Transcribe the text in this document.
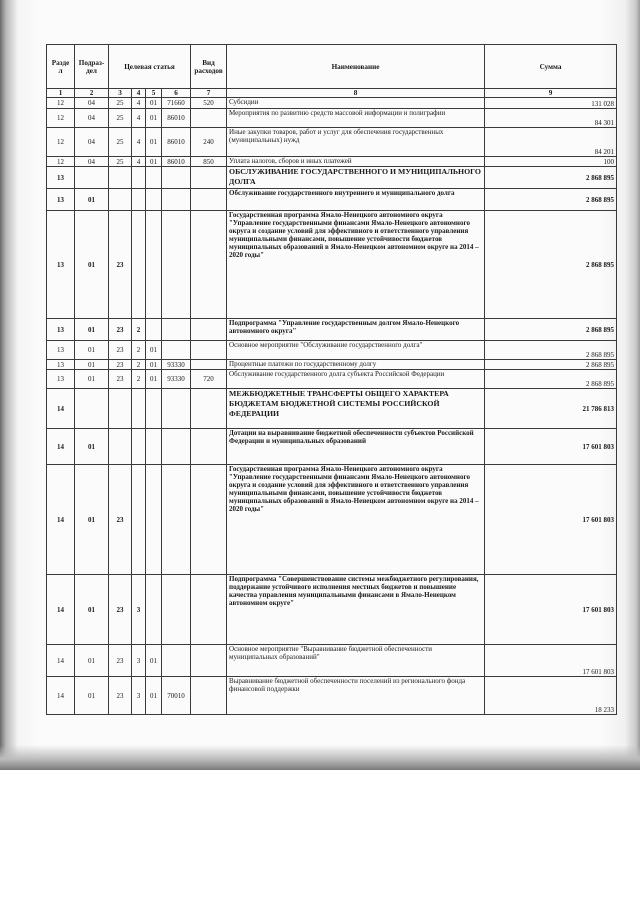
Разде л	Подраз- дел	Целевая статья				Вид расходов	Наименование	Сумма
1	2	3	4	5	6	7	8	9
12	04	25	4	01	71660	520	Субсидии	131 028
12	04	25	4	01	86010		Мероприятия по развитию средств массовой информации и полиграфии	84 301
12	04	25	4	01	86010	240	Иные закупки товаров, работ и услуг для обеспечения государственных (муниципальных) нужд	84 201
12	04	25	4	01	86010	850	Уплата налогов, сборов и иных платежей	100
13							ОБСЛУЖИВАНИЕ ГОСУДАРСТВЕННОГО И МУНИЦИПАЛЬНОГО ДОЛГА	2 868 895
13	01						Обслуживание государственного внутреннего и муниципального долга	2 868 895
13	01	23					Государственная программа Ямало-Ненецкого автономного округа "Управление государственными финансами Ямало-Ненецкого автономного округа и создание условий для эффективного и ответственного управления муниципальными финансами, повышение устойчивости бюджетов муниципальных образований в Ямало-Ненецком автономном округе на 2014 – 2020 годы"	2 868 895
13	01	23	2				Подпрограмма "Управление государственным долгом Ямало-Ненецкого автономного округа"	2 868 895
13	01	23	2	01			Основное мероприятие "Обслуживание государственного долга"	2 868 895
13	01	23	2	01	93330		Процентные платежи по государственному долгу	2 868 895
13	01	23	2	01	93330	720	Обслуживание государственного долга субъекта Российской Федерации	2 868 895
14							МЕЖБЮДЖЕТНЫЕ ТРАНСФЕРТЫ ОБЩЕГО ХАРАКТЕРА БЮДЖЕТАМ БЮДЖЕТНОЙ СИСТЕМЫ РОССИЙСКОЙ ФЕДЕРАЦИИ	21 786 813
14	01						Дотации на выравнивание бюджетной обеспеченности субъектов Российской Федерации и муниципальных образований	17 601 803
14	01	23					Государственная программа Ямало-Ненецкого автономного округа "Управление государственными финансами Ямало-Ненецкого автономного округа и создание условий для эффективного и ответственного управления муниципальными финансами, повышение устойчивости бюджетов муниципальных образований в Ямало-Ненецком автономном округе на 2014 – 2020 годы"	17 601 803
14	01	23	3				Подпрограмма "Совершенствование системы межбюджетного регулирования, поддержание устойчивого исполнения местных бюджетов и повышение качества управления муниципальными финансами в Ямало-Ненецком автономном округе"	17 601 803
14	01	23	3	01			Основное мероприятие "Выравнивание бюджетной обеспеченности муниципальных образований"	17 601 803
14	01	23	3	01	70010		Выравнивание бюджетной обеспеченности поселений из регионального фонда финансовой поддержки	18 233
